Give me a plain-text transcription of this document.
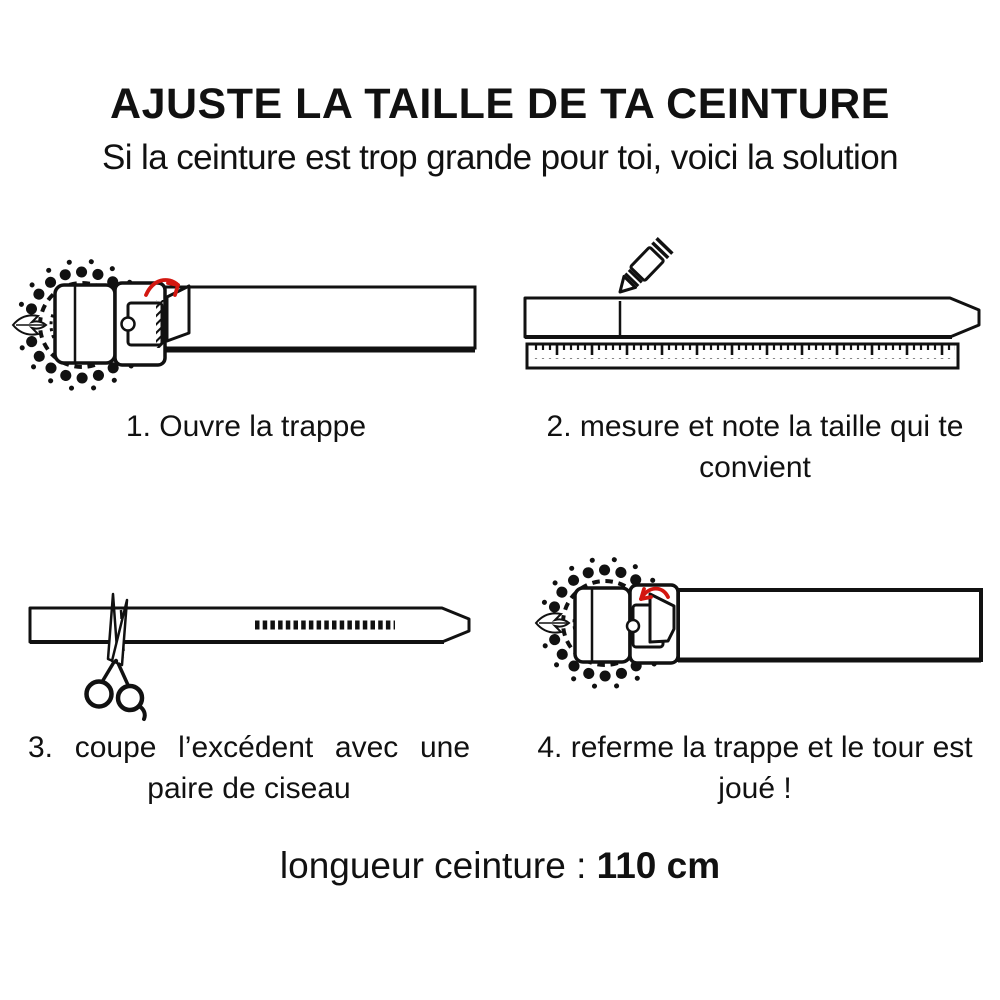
AJUSTE LA TAILLE DE TA CEINTURE
Si la ceinture est trop grande pour toi, voici la solution
1. Ouvre la trappe	2. mesure et note la taille qui te convient
3. coupe l’excédent avec une paire de ciseau
4. referme la trappe et le tour est joué !
longueur ceinture : 110 cm
